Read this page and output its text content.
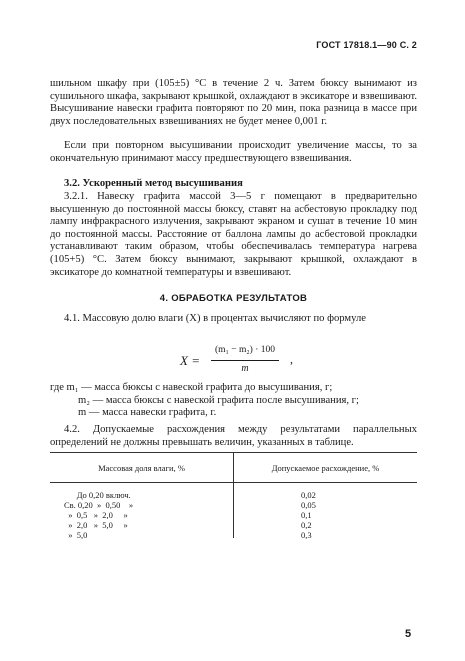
ГОСТ 17818.1—90 С. 2

шильном шкафу при (105±5) °С в течение 2 ч. Затем бюксу вынимают из сушильного шкафа, закрывают крышкой, охлаждают в эксикаторе и взвешивают. Высушивание навески графита повторяют по 20 мин, пока разница в массе при двух последовательных взвешиваниях не будет менее 0,001 г.

Если при повторном высушивании происходит увеличение массы, то за окончательную принимают массу предшествующего взвешивания.

3.2. Ускоренный метод высушивания

3.2.1. Навеску графита массой 3—5 г помещают в предварительно высушенную до постоянной массы бюксу, ставят на асбестовую прокладку под лампу инфракрасного излучения, закрывают экраном и сушат в течение 10 мин до постоянной массы. Расстояние от баллона лампы до асбестовой прокладки устанавливают таким образом, чтобы обеспечивалась температура нагрева (105+5) °С. Затем бюксу вынимают, закрывают крышкой, охлаждают в эксикаторе до комнатной температуры и взвешивают.

4. ОБРАБОТКА РЕЗУЛЬТАТОВ

4.1. Массовую долю влаги (X) в процентах вычисляют по формуле

X =
(m₁ − m₂) · 100
m
,
где m₁ — масса бюксы с навеской графита до высушивания, г;
m₂ — масса бюксы с навеской графита после высушивания, г;
m — масса навески графита, г.

4.2. Допускаемые расхождения между результатами параллельных определений не должны превышать величин, указанных в таблице.

Массовая доля влаги, %	Допускаемое расхождение, %
До 0,20 включ.	0,02
Св. 0,20  »  0,50    »	0,05
»  0,5   »  2,0     »	0,1
»  2,0   »  5,0     »	0,2
»  5,0	0,3
5
